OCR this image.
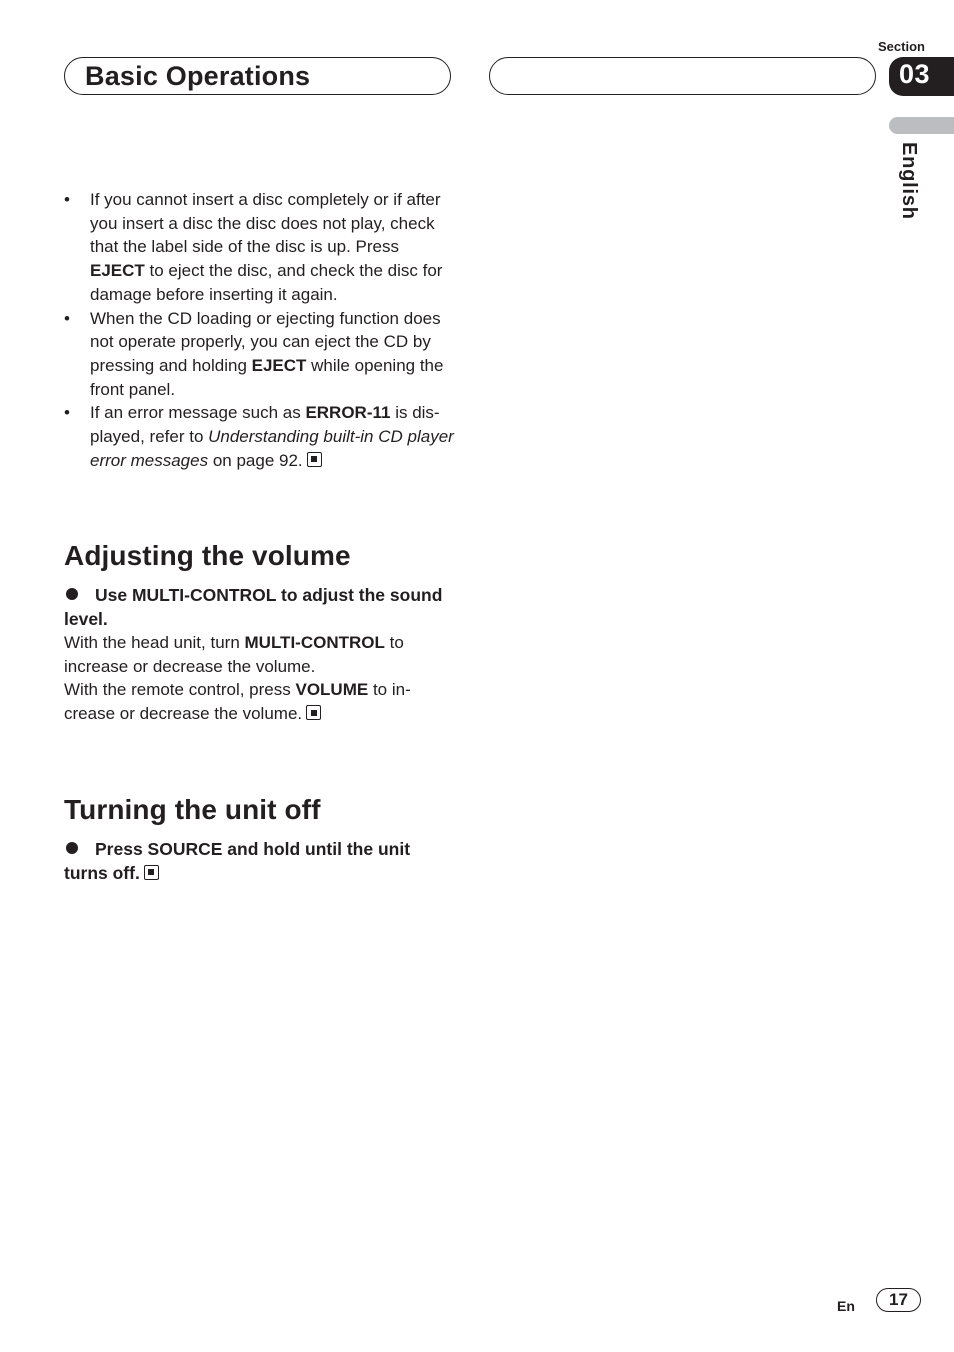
Basic Operations
Section
03
English
• If you cannot insert a disc completely or if after you insert a disc the disc does not play, check that the label side of the disc is up. Press EJECT to eject the disc, and check the disc for damage before inserting it again.
• When the CD loading or ejecting function does not operate properly, you can eject the CD by pressing and holding EJECT while opening the front panel.
• If an error message such as ERROR-11 is dis-played, refer to Understanding built-in CD player error messages on page 92.
Adjusting the volume
Use MULTI-CONTROL to adjust the sound level.
With the head unit, turn MULTI-CONTROL to increase or decrease the volume.
With the remote control, press VOLUME to in-crease or decrease the volume.
Turning the unit off
Press SOURCE and hold until the unit turns off.
En	17
